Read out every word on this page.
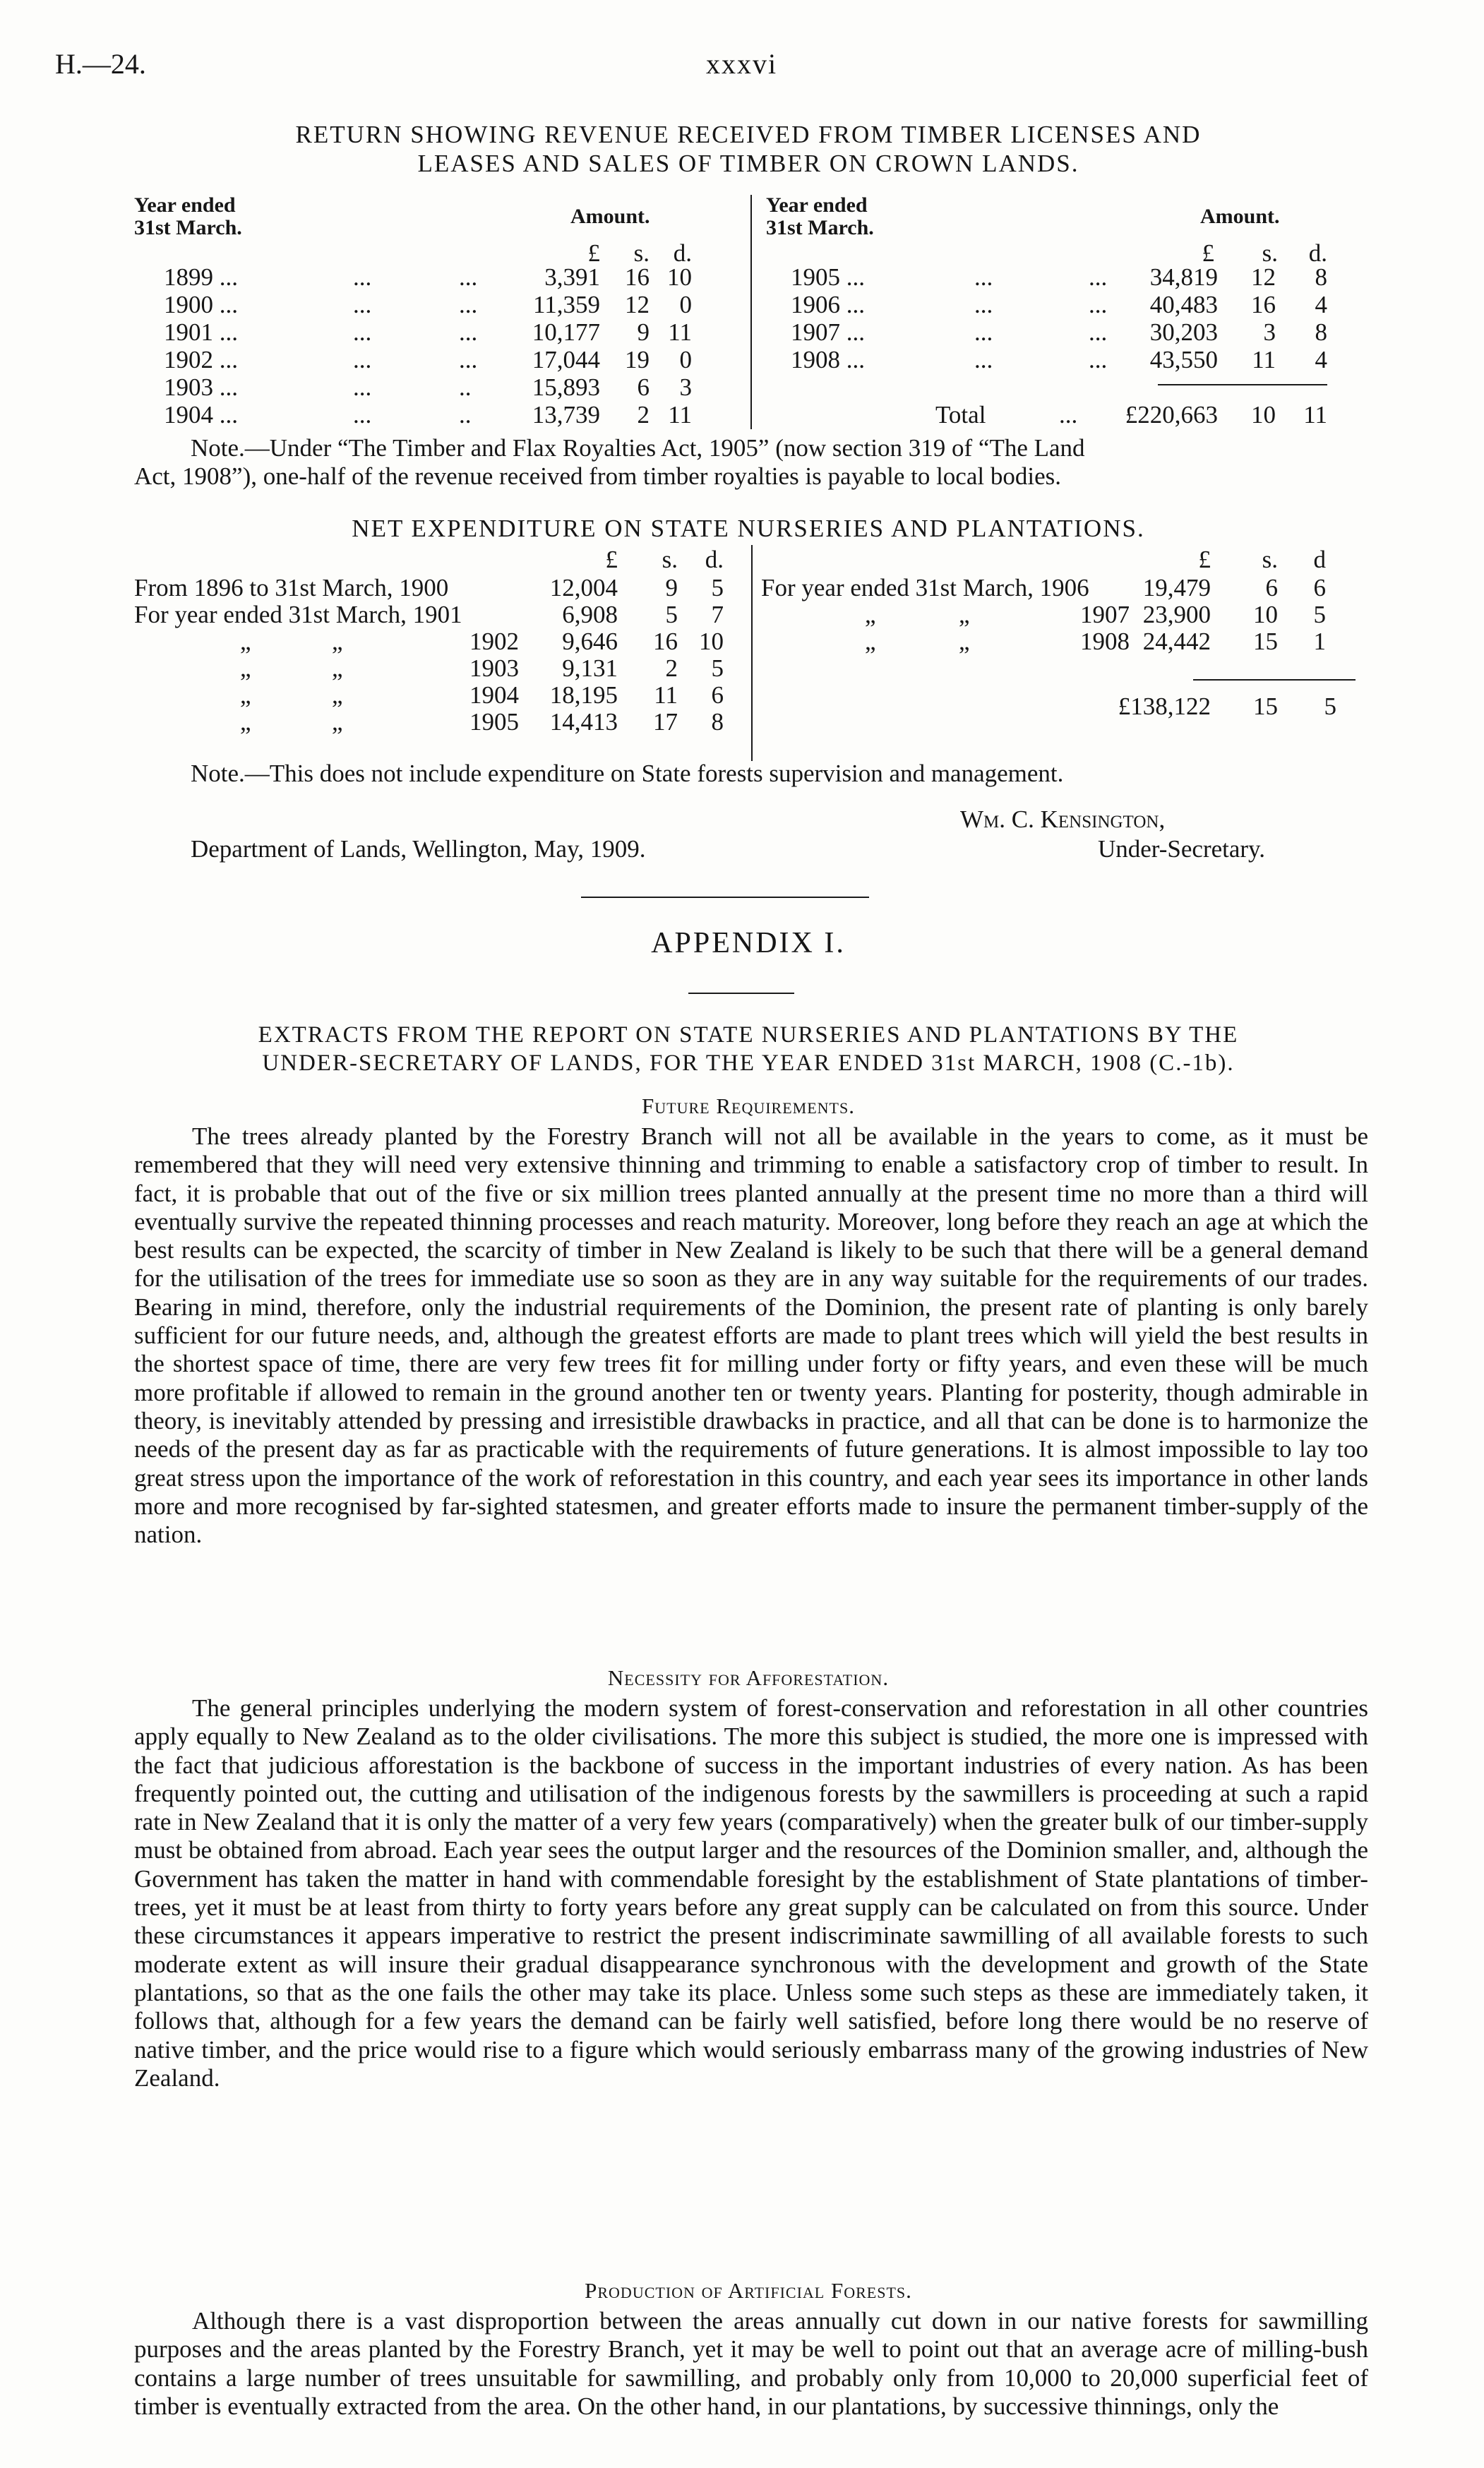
H.—24.	xxxvi
RETURN SHOWING REVENUE RECEIVED FROM TIMBER LICENSES AND
LEASES AND SALES OF TIMBER ON CROWN LANDS.
Year ended
31st March.	Amount.
£	s. d.
Year ended
31st March.	Amount.
£	s.	d.
1899 ...	...	...	3,391	16 10
1900 ...	...	...	11,359	12	0
1901 ...	...	...	10,177	9 11
1902 ...	...	...	17,044	19	0
1903 ...	...	..	15,893	6	3
1904 ...	...	..	13,739	2 11
1905 ...	...	...	34,819	12	8
1906 ...	...	...	40,483	16	4
1907 ...	...	...	30,203	3	8
1908 ...	...	...	43,550	11	4
Total	...	£220,663	10	11
Note.—Under “The Timber and Flax Royalties Act, 1905” (now section 319 of “The Land
Act, 1908”), one-half of the revenue received from timber royalties is payable to local bodies.
NET EXPENDITURE ON STATE NURSERIES AND PLANTATIONS.
£	s.	d.	£	s.	d
From 1896 to 31st March, 1900	12,004	9	5
For year ended 31st March, 1901	6,908	5	7
„	„	1902	9,646	16 10
„	„	1903	9,131	2	5
„	„	1904	18,195	11	6
„	„	1905	14,413	17	8
For year ended 31st March, 1906	19,479	6	6
„	„	1907 23,900	10	5
„	„	1908 24,442	15	1
£138,122	15	5
Note.—This does not include expenditure on State forests supervision and management.
Wm. C. Kensington,
Department of Lands, Wellington, May, 1909.	Under-Secretary.
APPENDIX I.
EXTRACTS FROM THE REPORT ON STATE NURSERIES AND PLANTATIONS BY THE
UNDER-SECRETARY OF LANDS, FOR THE YEAR ENDED 31st MARCH, 1908 (C.-1b).
Future Requirements.
The trees already planted by the Forestry Branch will not all be available in the years to come, as it must be remembered that they will need very extensive thinning and trimming to enable a satisfactory crop of timber to result. In fact, it is probable that out of the five or six million trees planted annually at the present time no more than a third will eventually survive the repeated thinning processes and reach maturity. Moreover, long before they reach an age at which the best results can be expected, the scarcity of timber in New Zealand is likely to be such that there will be a general demand for the utilisation of the trees for immediate use so soon as they are in any way suitable for the requirements of our trades. Bearing in mind, therefore, only the industrial requirements of the Dominion, the present rate of planting is only barely sufficient for our future needs, and, although the greatest efforts are made to plant trees which will yield the best results in the shortest space of time, there are very few trees fit for milling under forty or fifty years, and even these will be much more profitable if allowed to remain in the ground another ten or twenty years. Planting for posterity, though admirable in theory, is inevitably attended by pressing and irresistible drawbacks in practice, and all that can be done is to harmonize the needs of the present day as far as practicable with the requirements of future generations. It is almost impossible to lay too great stress upon the importance of the work of reforestation in this country, and each year sees its importance in other lands more and more recognised by far-sighted statesmen, and greater efforts made to insure the permanent timber-supply of the nation.
Necessity for Afforestation.
The general principles underlying the modern system of forest-conservation and reforestation in all other countries apply equally to New Zealand as to the older civilisations. The more this subject is studied, the more one is impressed with the fact that judicious afforestation is the backbone of success in the important industries of every nation. As has been frequently pointed out, the cutting and utilisation of the indigenous forests by the sawmillers is proceeding at such a rapid rate in New Zealand that it is only the matter of a very few years (comparatively) when the greater bulk of our timber-supply must be obtained from abroad. Each year sees the output larger and the resources of the Dominion smaller, and, although the Government has taken the matter in hand with commendable foresight by the establishment of State plantations of timber-trees, yet it must be at least from thirty to forty years before any great supply can be calculated on from this source. Under these circumstances it appears imperative to restrict the present indiscriminate sawmilling of all available forests to such moderate extent as will insure their gradual disappearance synchronous with the development and growth of the State plantations, so that as the one fails the other may take its place. Unless some such steps as these are immediately taken, it follows that, although for a few years the demand can be fairly well satisfied, before long there would be no reserve of native timber, and the price would rise to a figure which would seriously embarrass many of the growing industries of New Zealand.
Production of Artificial Forests.
Although there is a vast disproportion between the areas annually cut down in our native forests for sawmilling purposes and the areas planted by the Forestry Branch, yet it may be well to point out that an average acre of milling-bush contains a large number of trees unsuitable for sawmilling, and probably only from 10,000 to 20,000 superficial feet of timber is eventually extracted from the area. On the other hand, in our plantations, by successive thinnings, only the
